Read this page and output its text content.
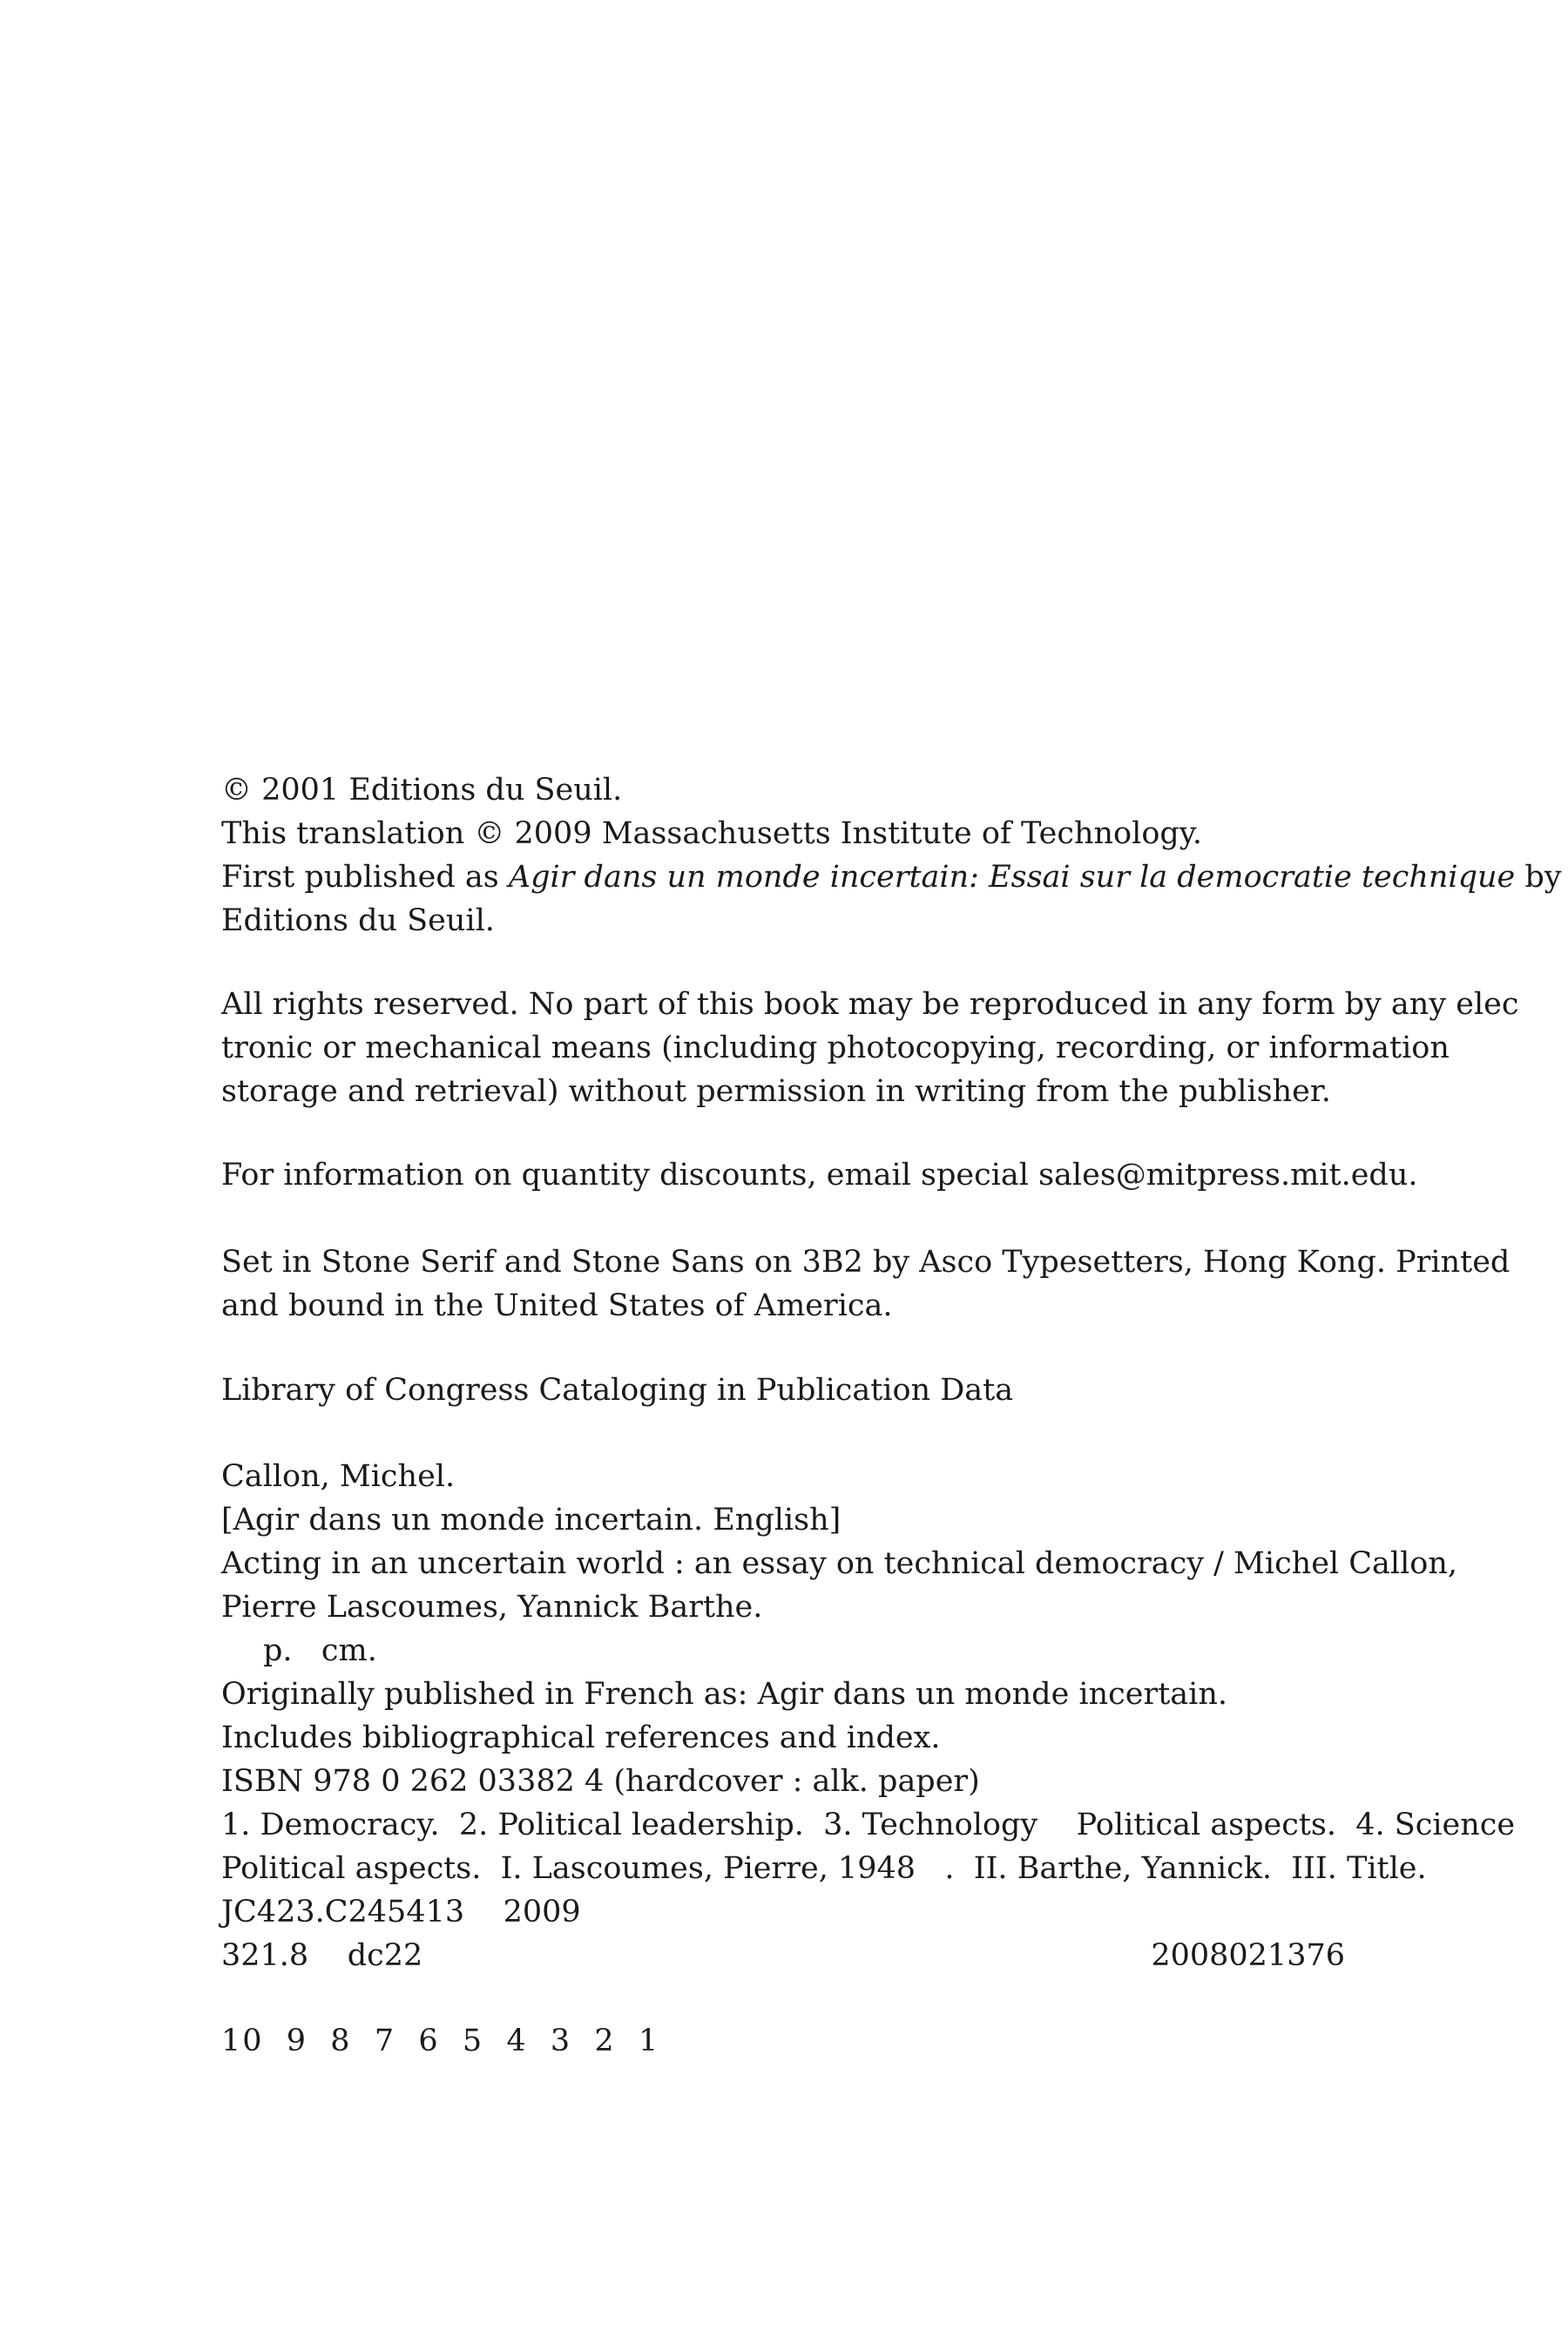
© 2001 Editions du Seuil.
This translation © 2009 Massachusetts Institute of Technology.
First published as Agir dans un monde incertain: Essai sur la democratie technique by
Editions du Seuil.
All rights reserved. No part of this book may be reproduced in any form by any elec
tronic or mechanical means (including photocopying, recording, or information
storage and retrieval) without permission in writing from the publisher.
For information on quantity discounts, email special sales@mitpress.mit.edu.
Set in Stone Serif and Stone Sans on 3B2 by Asco Typesetters, Hong Kong. Printed
and bound in the United States of America.
Library of Congress Cataloging in Publication Data
Callon, Michel.
[Agir dans un monde incertain. English]
Acting in an uncertain world : an essay on technical democracy / Michel Callon,
Pierre Lascoumes, Yannick Barthe.
p.   cm.
Originally published in French as: Agir dans un monde incertain.
Includes bibliographical references and index.
ISBN 978 0 262 03382 4 (hardcover : alk. paper)
1. Democracy.  2. Political leadership.  3. Technology    Political aspects.  4. Science
Political aspects.  I. Lascoumes, Pierre, 1948   .  II. Barthe, Yannick.  III. Title.
JC423.C245413    2009
321.8    dc22	2008021376
10  9  8  7  6  5  4  3  2  1
